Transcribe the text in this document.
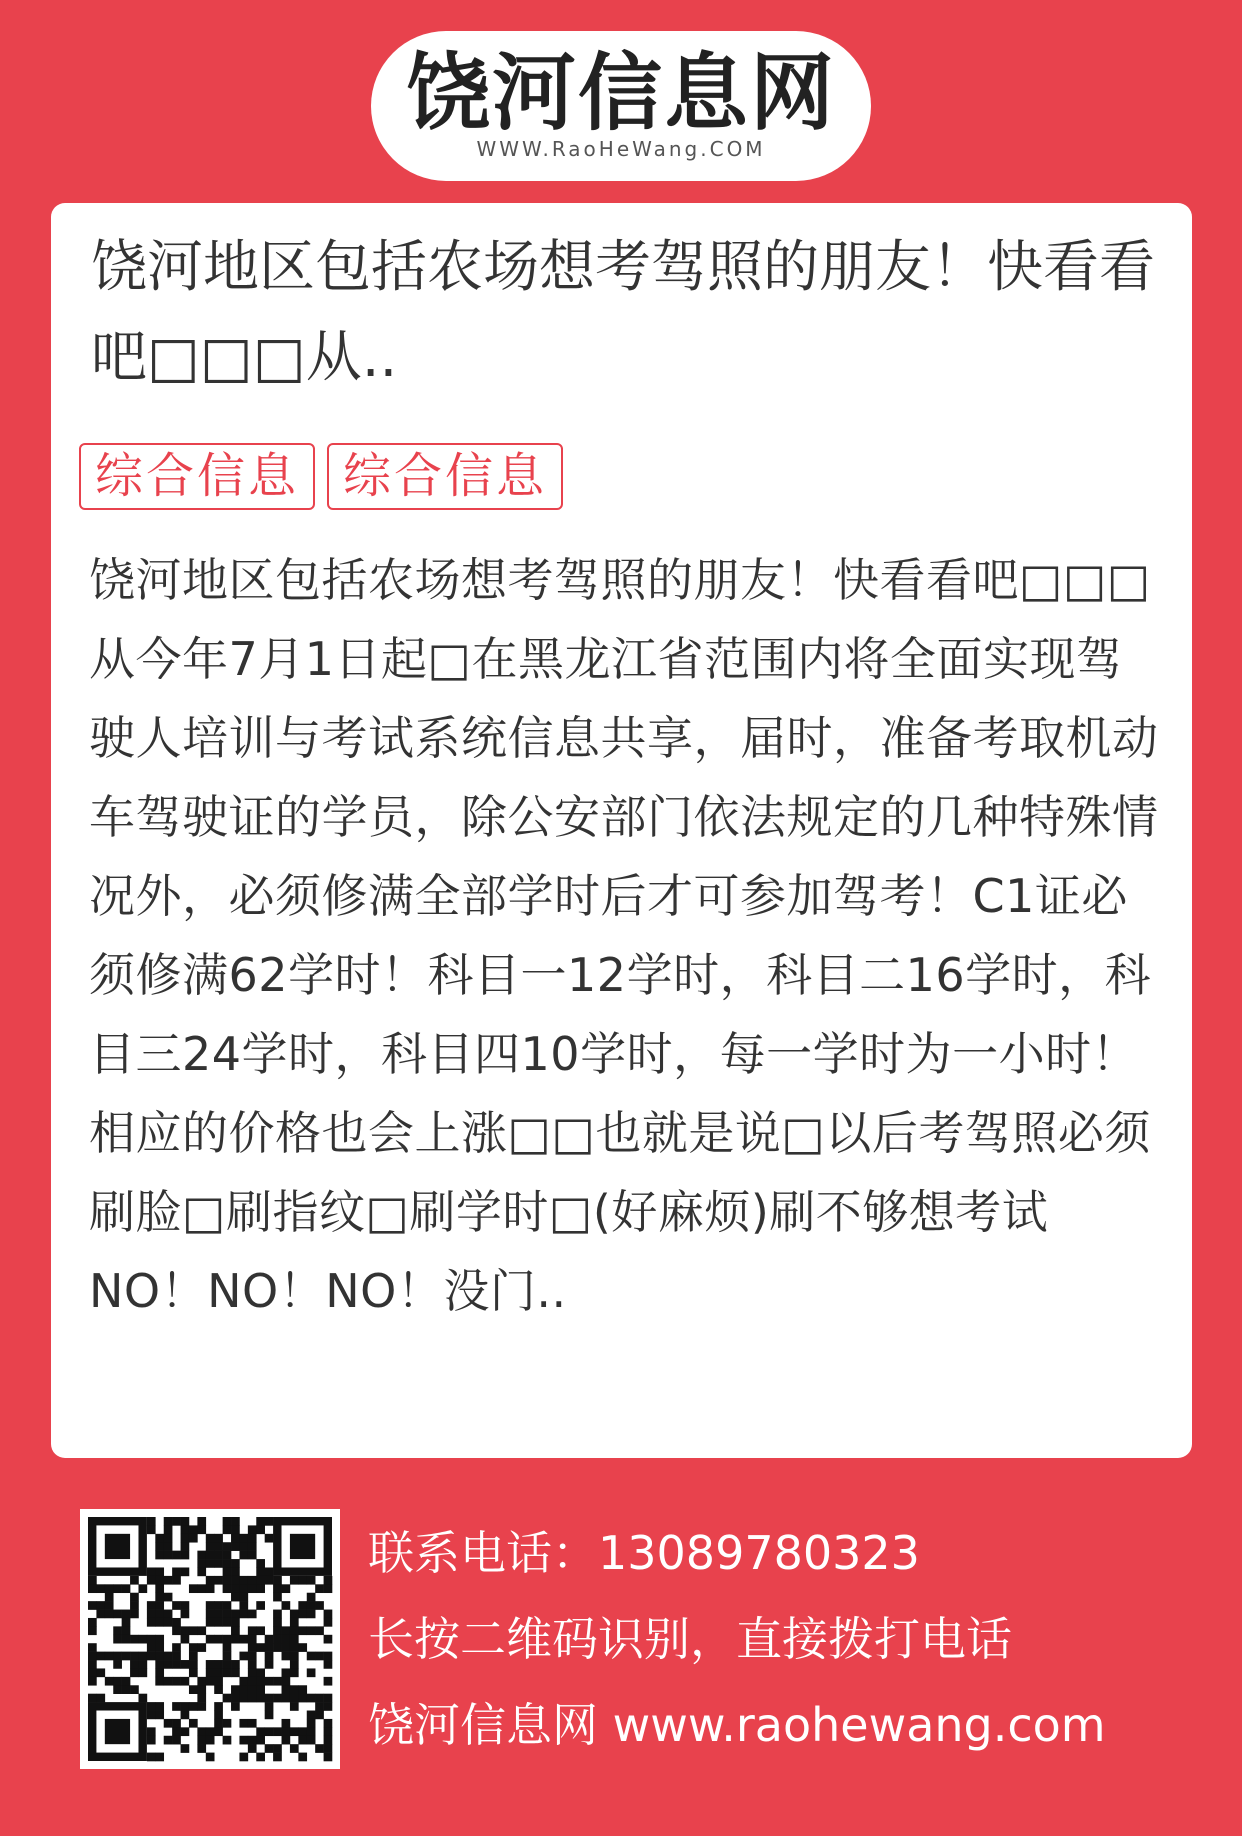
饶河信息网
WWW.RaoHeWang.COM
饶河地区包括农场想考驾照的朋友！快看看吧□□□从..
综合信息 综合信息

饶河地区包括农场想考驾照的朋友！快看看吧□□□从今年7月1日起□在黑龙江省范围内将全面实现驾驶人培训与考试系统信息共享，届时，准备考取机动车驾驶证的学员，除公安部门依法规定的几种特殊情况外，必须修满全部学时后才可参加驾考！C1证必须修满62学时！科目一12学时，科目二16学时，科目三24学时，科目四10学时，每一学时为一小时！相应的价格也会上涨□□也就是说□以后考驾照必须刷脸□刷指纹□刷学时□(好麻烦)刷不够想考试NO！NO！NO！没门..

联系电话：13089780323
长按二维码识别，直接拨打电话
饶河信息网 www.raohewang.com
